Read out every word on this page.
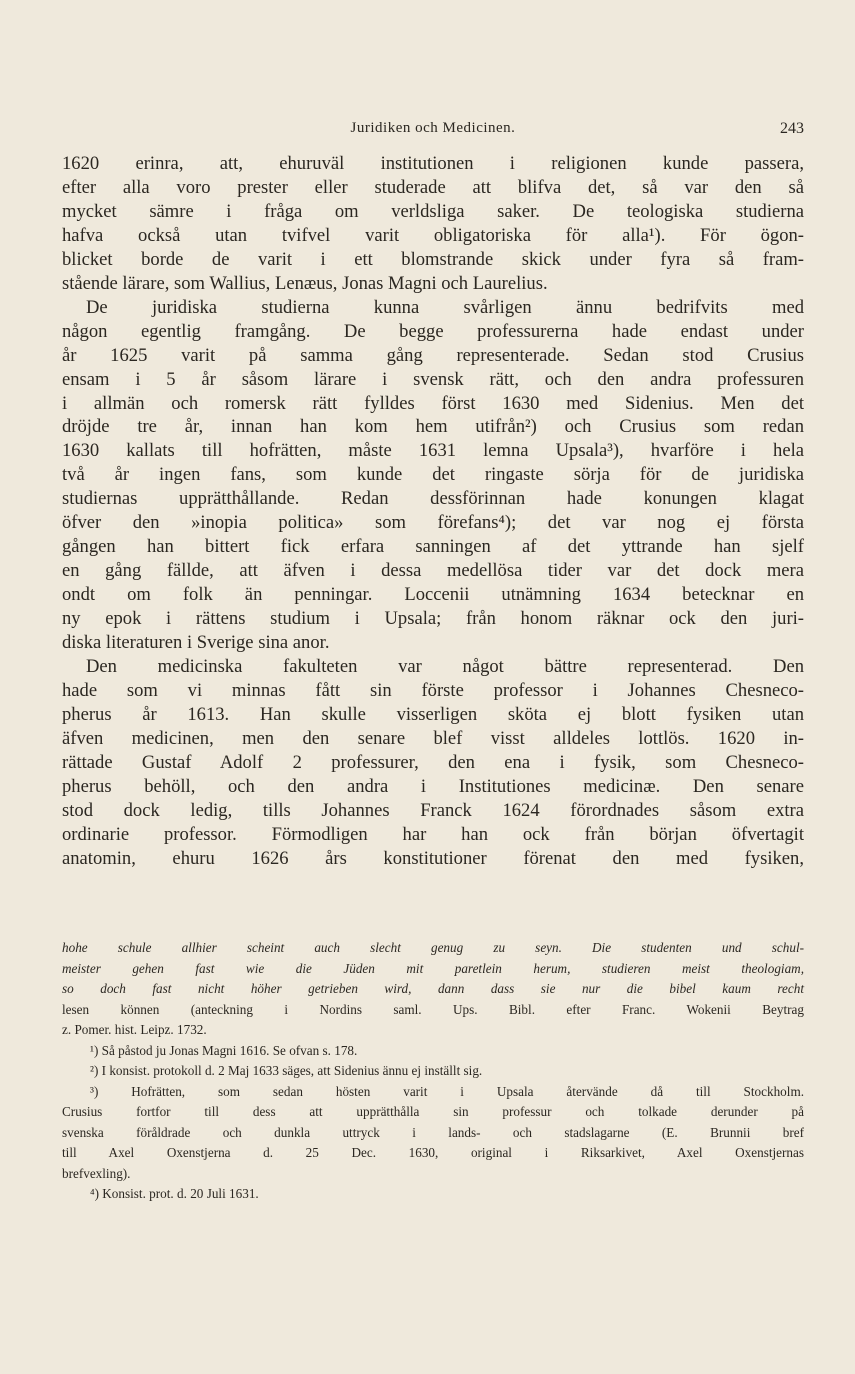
Juridiken och Medicinen.	243
1620 erinra, att, ehuruväl institutionen i religionen kunde passera,
efter alla voro prester eller studerade att blifva det, så var den så
mycket sämre i fråga om verldsliga saker. De teologiska studierna
hafva också utan tvifvel varit obligatoriska för alla¹). För ögon-
blicket borde de varit i ett blomstrande skick under fyra så fram-
stående lärare, som Wallius, Lenæus, Jonas Magni och Laurelius.
De juridiska studierna kunna svårligen ännu bedrifvits med
någon egentlig framgång. De begge professurerna hade endast under
år 1625 varit på samma gång representerade. Sedan stod Crusius
ensam i 5 år såsom lärare i svensk rätt, och den andra professuren
i allmän och romersk rätt fylldes först 1630 med Sidenius. Men det
dröjde tre år, innan han kom hem utifrån²) och Crusius som redan
1630 kallats till hofrätten, måste 1631 lemna Upsala³), hvarföre i hela
två år ingen fans, som kunde det ringaste sörja för de juridiska
studiernas upprätthållande. Redan dessförinnan hade konungen klagat
öfver den »inopia politica» som förefans⁴); det var nog ej första
gången han bittert fick erfara sanningen af det yttrande han sjelf
en gång fällde, att äfven i dessa medellösa tider var det dock mera
ondt om folk än penningar. Loccenii utnämning 1634 betecknar en
ny epok i rättens studium i Upsala; från honom räknar ock den juri-
diska literaturen i Sverige sina anor.
Den medicinska fakulteten var något bättre representerad. Den
hade som vi minnas fått sin förste professor i Johannes Chesneco-
pherus år 1613. Han skulle visserligen sköta ej blott fysiken utan
äfven medicinen, men den senare blef visst alldeles lottlös. 1620 in-
rättade Gustaf Adolf 2 professurer, den ena i fysik, som Chesneco-
pherus behöll, och den andra i Institutiones medicinæ. Den senare
stod dock ledig, tills Johannes Franck 1624 förordnades såsom extra
ordinarie professor. Förmodligen har han ock från början öfvertagit
anatomin, ehuru 1626 års konstitutioner förenat den med fysiken,
hohe schule allhier scheint auch slecht genug zu seyn. Die studenten und schul-
meister gehen fast wie die Jüden mit paretlein herum, studieren meist theologiam,
so doch fast nicht höher getrieben wird, dann dass sie nur die bibel kaum recht
lesen können (anteckning i Nordins saml. Ups. Bibl. efter Franc. Wokenii Beytrag
z. Pomer. hist. Leipz. 1732.
¹) Så påstod ju Jonas Magni 1616. Se ofvan s. 178.
²) I konsist. protokoll d. 2 Maj 1633 säges, att Sidenius ännu ej inställt sig.
³) Hofrätten, som sedan hösten varit i Upsala återvände då till Stockholm.
Crusius fortfor till dess att upprätthålla sin professur och tolkade derunder på
svenska föråldrade och dunkla uttryck i lands- och stadslagarne (E. Brunnii bref
till Axel Oxenstjerna d. 25 Dec. 1630, original i Riksarkivet, Axel Oxenstjernas
brefvexling).
⁴) Konsist. prot. d. 20 Juli 1631.
